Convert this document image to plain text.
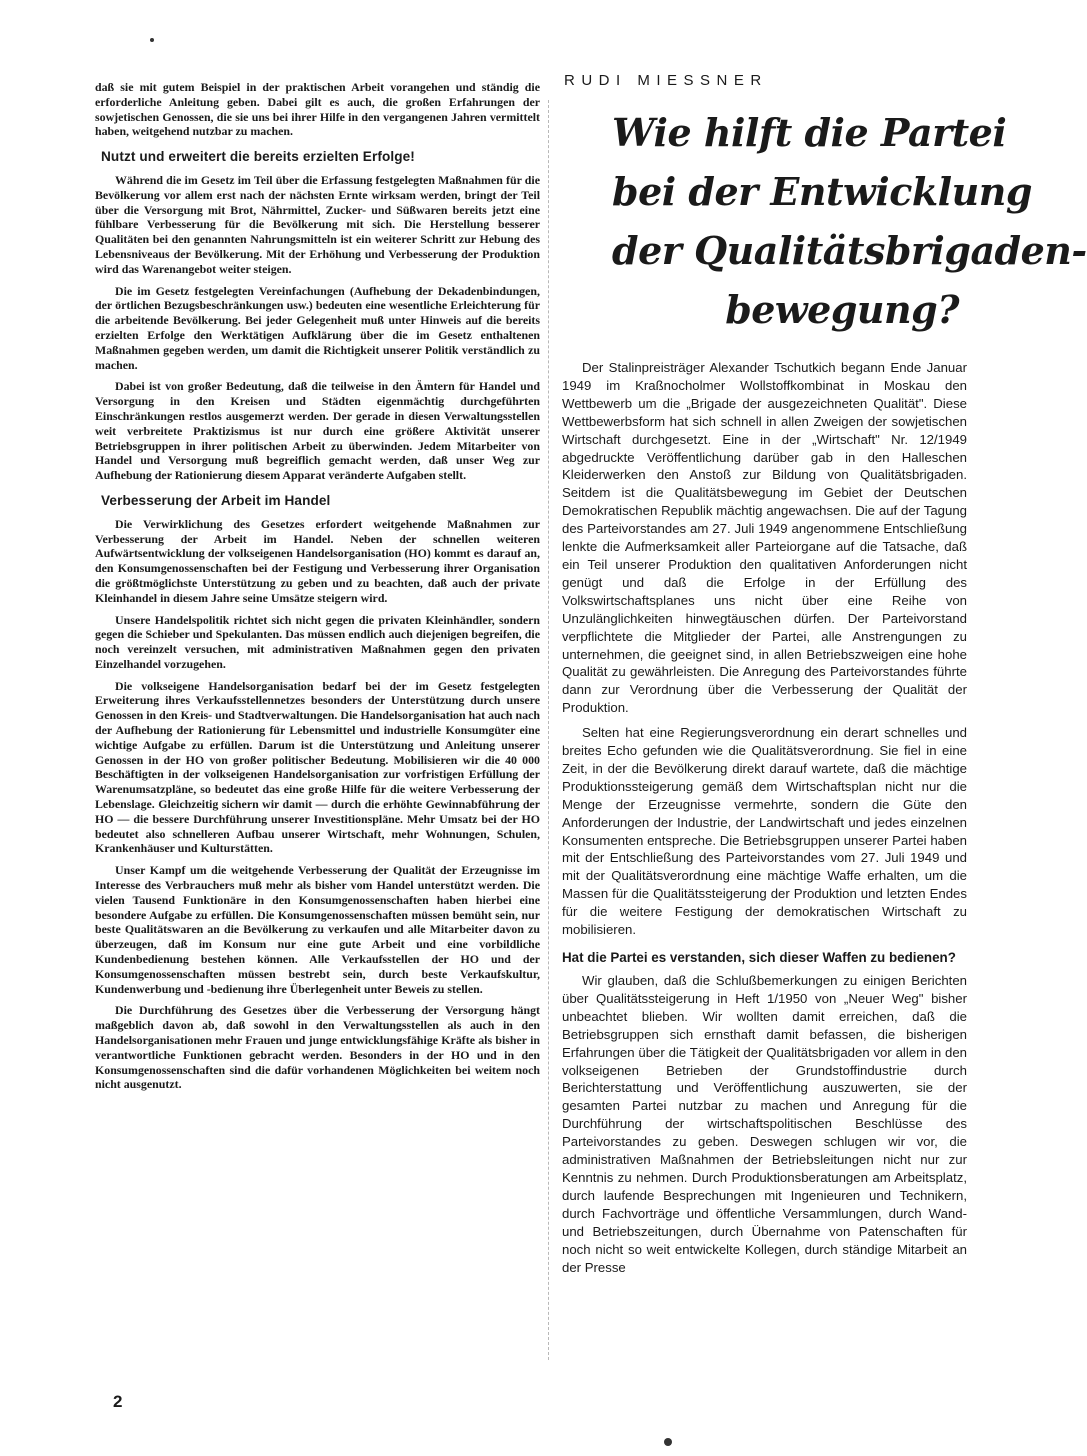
daß sie mit gutem Beispiel in der praktischen Arbeit vorangehen und ständig die erforderliche Anleitung geben. Dabei gilt es auch, die großen Erfahrungen der sowjetischen Genossen, die sie uns bei ihrer Hilfe in den vergangenen Jahren vermittelt haben, weitgehend nutzbar zu machen.

Nutzt und erweitert die bereits erzielten Erfolge!

Während die im Gesetz im Teil über die Erfassung festgelegten Maßnahmen für die Bevölkerung vor allem erst nach der nächsten Ernte wirksam werden, bringt der Teil über die Versorgung mit Brot, Nährmittel, Zucker- und Süßwaren bereits jetzt eine fühlbare Verbesserung für die Bevölkerung mit sich. Die Herstellung besserer Qualitäten bei den genannten Nahrungsmitteln ist ein weiterer Schritt zur Hebung des Lebensniveaus der Bevölkerung. Mit der Erhöhung und Verbesserung der Produktion wird das Warenangebot weiter steigen.

Die im Gesetz festgelegten Vereinfachungen (Aufhebung der Dekadenbindungen, der örtlichen Bezugsbeschränkungen usw.) bedeuten eine wesentliche Erleichterung für die arbeitende Bevölkerung. Bei jeder Gelegenheit muß unter Hinweis auf die bereits erzielten Erfolge den Werktätigen Aufklärung über die im Gesetz enthaltenen Maßnahmen gegeben werden, um damit die Richtigkeit unserer Politik verständlich zu machen.

Dabei ist von großer Bedeutung, daß die teilweise in den Ämtern für Handel und Versorgung in den Kreisen und Städten eigenmächtig durchgeführten Einschränkungen restlos ausgemerzt werden. Der gerade in diesen Verwaltungsstellen weit verbreitete Praktizismus ist nur durch eine größere Aktivität unserer Betriebsgruppen in ihrer politischen Arbeit zu überwinden. Jedem Mitarbeiter von Handel und Versorgung muß begreiflich gemacht werden, daß unser Weg zur Aufhebung der Rationierung diesem Apparat veränderte Aufgaben stellt.

Verbesserung der Arbeit im Handel

Die Verwirklichung des Gesetzes erfordert weitgehende Maßnahmen zur Verbesserung der Arbeit im Handel. Neben der schnellen weiteren Aufwärtsentwicklung der volkseigenen Handelsorganisation (HO) kommt es darauf an, den Konsumgenossenschaften bei der Festigung und Verbesserung ihrer Organisation die größtmöglichste Unterstützung zu geben und zu beachten, daß auch der private Kleinhandel in diesem Jahre seine Umsätze steigern wird.

Unsere Handelspolitik richtet sich nicht gegen die privaten Kleinhändler, sondern gegen die Schieber und Spekulanten. Das müssen endlich auch diejenigen begreifen, die noch vereinzelt versuchen, mit administrativen Maßnahmen gegen den privaten Einzelhandel vorzugehen.

Die volkseigene Handelsorganisation bedarf bei der im Gesetz festgelegten Erweiterung ihres Verkaufsstellennetzes besonders der Unterstützung durch unsere Genossen in den Kreis- und Stadtverwaltungen. Die Handelsorganisation hat auch nach der Aufhebung der Rationierung für Lebensmittel und industrielle Konsumgüter eine wichtige Aufgabe zu erfüllen. Darum ist die Unterstützung und Anleitung unserer Genossen in der HO von großer politischer Bedeutung. Mobilisieren wir die 40 000 Beschäftigten in der volkseigenen Handelsorganisation zur vorfristigen Erfüllung der Warenumsatzpläne, so bedeutet das eine große Hilfe für die weitere Verbesserung der Lebenslage. Gleichzeitig sichern wir damit — durch die erhöhte Gewinnabführung der HO — die bessere Durchführung unserer Investitionspläne. Mehr Umsatz bei der HO bedeutet also schnelleren Aufbau unserer Wirtschaft, mehr Wohnungen, Schulen, Krankenhäuser und Kulturstätten.

Unser Kampf um die weitgehende Verbesserung der Qualität der Erzeugnisse im Interesse des Verbrauchers muß mehr als bisher vom Handel unterstützt werden. Die vielen Tausend Funktionäre in den Konsumgenossenschaften haben hierbei eine besondere Aufgabe zu erfüllen. Die Konsumgenossenschaften müssen bemüht sein, nur beste Qualitätswaren an die Bevölkerung zu verkaufen und alle Mitarbeiter davon zu überzeugen, daß im Konsum nur eine gute Arbeit und eine vorbildliche Kundenbedienung bestehen können. Alle Verkaufsstellen der HO und der Konsumgenossenschaften müssen bestrebt sein, durch beste Verkaufskultur, Kundenwerbung und -bedienung ihre Überlegenheit unter Beweis zu stellen.

Die Durchführung des Gesetzes über die Verbesserung der Versorgung hängt maßgeblich davon ab, daß sowohl in den Verwaltungsstellen als auch in den Handelsorganisationen mehr Frauen und junge entwicklungsfähige Kräfte als bisher in verantwortliche Funktionen gebracht werden. Besonders in der HO und in den Konsumgenossenschaften sind die dafür vorhandenen Möglichkeiten bei weitem noch nicht ausgenutzt.

RUDI MIESSNER
Wie hilft die Partei
bei der Entwicklung
der Qualitätsbrigaden-
bewegung?

Der Stalinpreisträger Alexander Tschutkich begann Ende Januar 1949 im Kraßnocholmer Wollstoffkombinat in Moskau den Wettbewerb um die „Brigade der ausgezeichneten Qualität". Diese Wettbewerbsform hat sich schnell in allen Zweigen der sowjetischen Wirtschaft durchgesetzt. Eine in der „Wirtschaft" Nr. 12/1949 abgedruckte Veröffentlichung darüber gab in den Halleschen Kleiderwerken den Anstoß zur Bildung von Qualitätsbrigaden. Seitdem ist die Qualitätsbewegung im Gebiet der Deutschen Demokratischen Republik mächtig angewachsen. Die auf der Tagung des Parteivorstandes am 27. Juli 1949 angenommene Entschließung lenkte die Aufmerksamkeit aller Parteiorgane auf die Tatsache, daß ein Teil unserer Produktion den qualitativen Anforderungen nicht genügt und daß die Erfolge in der Erfüllung des Volkswirtschaftsplanes uns nicht über eine Reihe von Unzulänglichkeiten hinwegtäuschen dürfen. Der Parteivorstand verpflichtete die Mitglieder der Partei, alle Anstrengungen zu unternehmen, die geeignet sind, in allen Betriebszweigen eine hohe Qualität zu gewährleisten. Die Anregung des Parteivorstandes führte dann zur Verordnung über die Verbesserung der Qualität der Produktion.

Selten hat eine Regierungsverordnung ein derart schnelles und breites Echo gefunden wie die Qualitätsverordnung. Sie fiel in eine Zeit, in der die Bevölkerung direkt darauf wartete, daß die mächtige Produktionssteigerung gemäß dem Wirtschaftsplan nicht nur die Menge der Erzeugnisse vermehrte, sondern die Güte den Anforderungen der Industrie, der Landwirtschaft und jedes einzelnen Konsumenten entspreche. Die Betriebsgruppen unserer Partei haben mit der Entschließung des Parteivorstandes vom 27. Juli 1949 und mit der Qualitätsverordnung eine mächtige Waffe erhalten, um die Massen für die Qualitätssteigerung der Produktion und letzten Endes für die weitere Festigung der demokratischen Wirtschaft zu mobilisieren.

Hat die Partei es verstanden, sich dieser Waffen zu bedienen?

Wir glauben, daß die Schlußbemerkungen zu einigen Berichten über Qualitätssteigerung in Heft 1/1950 von „Neuer Weg" bisher unbeachtet blieben. Wir wollten damit erreichen, daß die Betriebsgruppen sich ernsthaft damit befassen, die bisherigen Erfahrungen über die Tätigkeit der Qualitätsbrigaden vor allem in den volkseigenen Betrieben der Grundstoffindustrie durch Berichterstattung und Veröffentlichung auszuwerten, sie der gesamten Partei nutzbar zu machen und Anregung für die Durchführung der wirtschaftspolitischen Beschlüsse des Parteivorstandes zu geben. Deswegen schlugen wir vor, die administrativen Maßnahmen der Betriebsleitungen nicht nur zur Kenntnis zu nehmen. Durch Produktionsberatungen am Arbeitsplatz, durch laufende Besprechungen mit Ingenieuren und Technikern, durch Fachvorträge und öffentliche Versammlungen, durch Wand- und Betriebszeitungen, durch Übernahme von Patenschaften für noch nicht so weit entwickelte Kollegen, durch ständige Mitarbeit an der Presse

2
